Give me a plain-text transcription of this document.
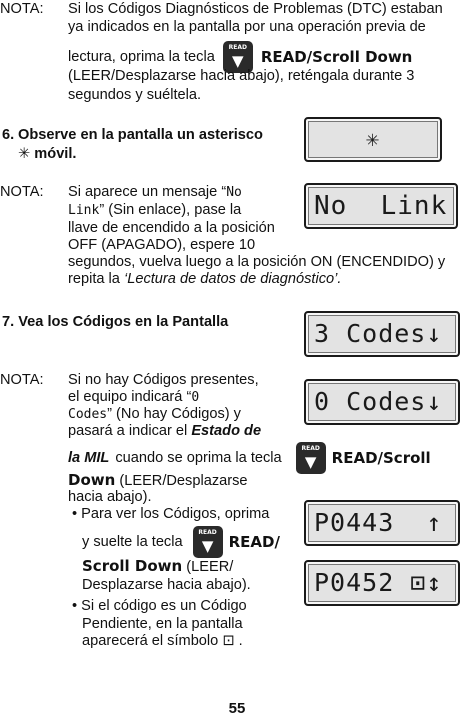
NOTA: Si los Códigos Diagnósticos de Problemas (DTC) estaban
ya indicados en la pantalla por una operación previa de
lectura, oprima la tecla
READ
▼	READ/Scroll Down
(LEER/Desplazarse hacia abajo), reténgala durante 3
segundos y suéltela.
6. Observe en la pantalla un asterisco
✳ móvil.
✳
NOTA: Si aparece un mensaje “No
Link” (Sin enlace), pase la
llave de encendido a la posición
OFF (APAGADO), espere 10
segundos, vuelva luego a la posición ON (ENCENDIDO) y
repita la ‘Lectura de datos de diagnóstico’.
No  Link
7. Vea los Códigos en la Pantalla	3 Codes↓
NOTA: Si no hay Códigos presentes,
el equipo indicará “0
Codes” (No hay Códigos) y
pasará a indicar el Estado de
la MIL cuando se oprima la tecla
READ
▼	READ/Scroll
Down (LEER/Desplazarse
hacia abajo).
• Para ver los Códigos, oprima
y suelte la tecla
READ
▼	READ/
Scroll Down (LEER/
Desplazarse hacia abajo).
• Si el código es un Código
Pendiente, en la pantalla
aparecerá el símbolo ⊡ .
0 Codes↓
P0443  ↑
P0452 ⊡↕
55
